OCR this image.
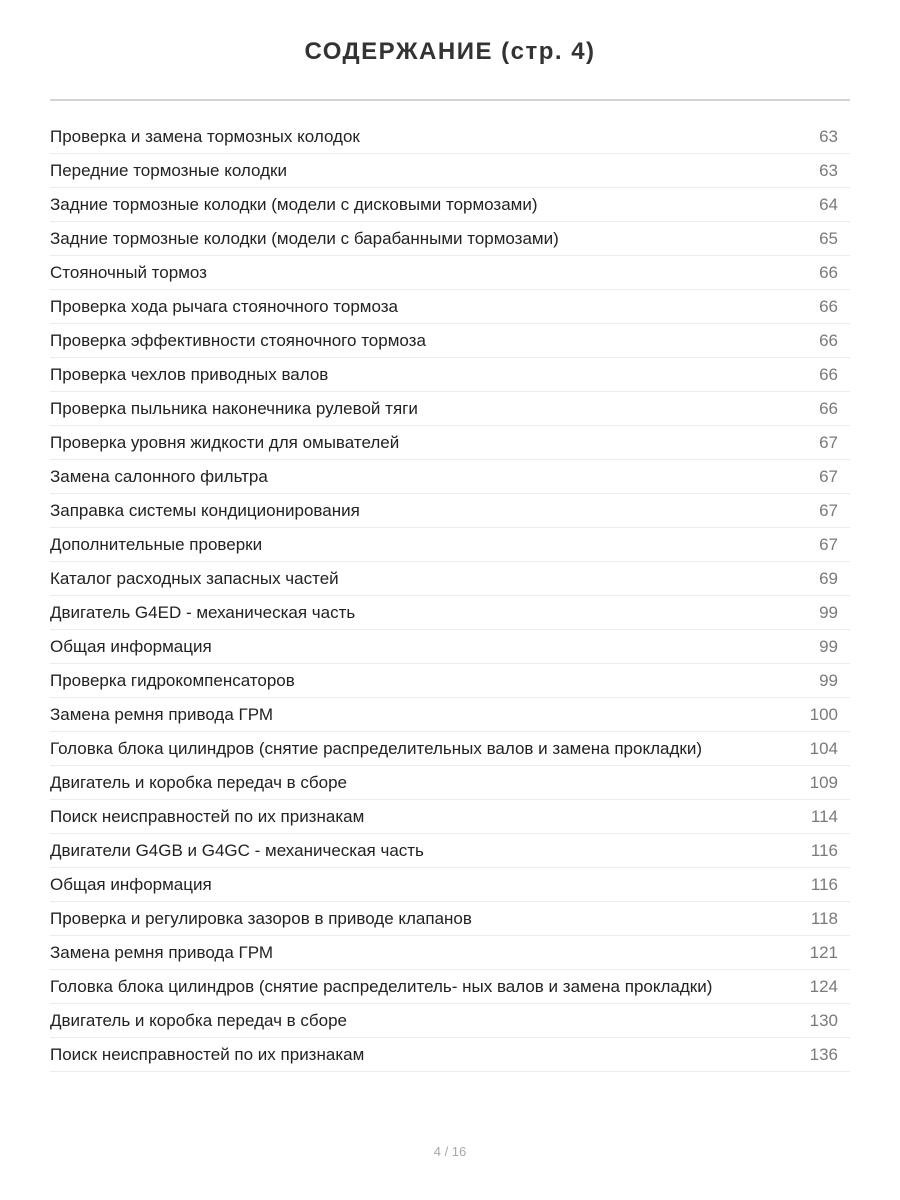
СОДЕРЖАНИЕ (стр. 4)
Проверка и замена тормозных колодок	63
Передние тормозные колодки	63
Задние тормозные колодки (модели с дисковыми тормозами)	64
Задние тормозные колодки (модели с барабанными тормозами)	65
Стояночный тормоз	66
Проверка хода рычага стояночного тормоза	66
Проверка эффективности стояночного тормоза	66
Проверка чехлов приводных валов	66
Проверка пыльника наконечника рулевой тяги	66
Проверка уровня жидкости для омывателей	67
Замена салонного фильтра	67
Заправка системы кондиционирования	67
Дополнительные проверки	67
Каталог расходных запасных частей	69
Двигатель G4ED - механическая часть	99
Общая информация	99
Проверка гидрокомпенсаторов	99
Замена ремня привода ГРМ	100
Головка блока цилиндров (снятие распределительных валов и замена прокладки)	104
Двигатель и коробка передач в сборе	109
Поиск неисправностей по их признакам	114
Двигатели G4GB и G4GC - механическая часть	116
Общая информация	116
Проверка и регулировка зазоров в приводе клапанов	118
Замена ремня привода ГРМ	121
Головка блока цилиндров (снятие распределитель- ных валов и замена прокладки)	124
Двигатель и коробка передач в сборе	130
Поиск неисправностей по их признакам	136
4 / 16
